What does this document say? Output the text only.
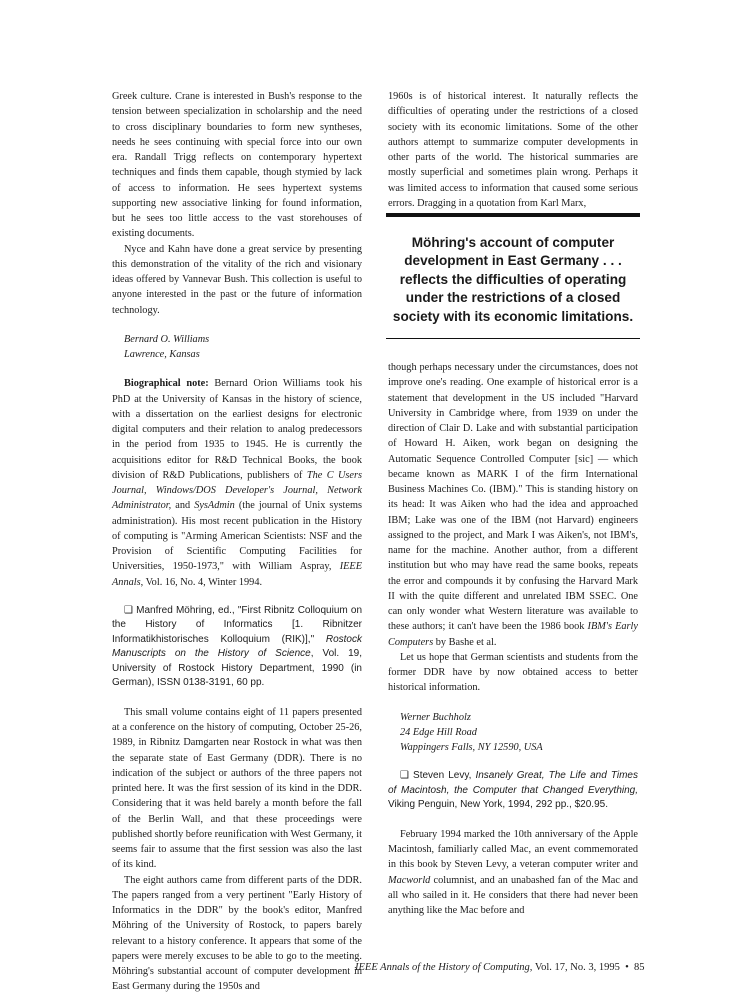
Greek culture. Crane is interested in Bush's response to the tension between specialization in scholarship and the need to cross disciplinary boundaries to form new syntheses, needs he sees continuing with special force into our own era. Randall Trigg reflects on contemporary hypertext techniques and finds them capable, though stymied by lack of access to information. He sees hypertext systems supporting new associative linking for found information, but he sees too little access to the vast storehouses of existing documents.

Nyce and Kahn have done a great service by presenting this demonstration of the vitality of the rich and visionary ideas offered by Vannevar Bush. This collection is useful to anyone interested in the past or the future of information technology.

Bernard O. Williams
Lawrence, Kansas

Biographical note: Bernard Orion Williams took his PhD at the University of Kansas in the history of science, with a dissertation on the earliest designs for electronic digital computers and their relation to analog predecessors in the period from 1935 to 1945. He is currently the acquisitions editor for R&D Technical Books, the book division of R&D Publications, publishers of The C Users Journal, Windows/DOS Developer's Journal, Network Administrator, and SysAdmin (the journal of Unix systems administration). His most recent publication in the History of computing is "Arming American Scientists: NSF and the Provision of Scientific Computing Facilities for Universities, 1950-1973," with William Aspray, IEEE Annals, Vol. 16, No. 4, Winter 1994.

❑ Manfred Möhring, ed., "First Ribnitz Colloquium on the History of Informatics [1. Ribnitzer Informatikhistorisches Kolloquium (RIK)]," Rostock Manuscripts on the History of Science, Vol. 19, University of Rostock History Department, 1990 (in German), ISSN 0138-3191, 60 pp.

This small volume contains eight of 11 papers presented at a conference on the history of computing, October 25-26, 1989, in Ribnitz Damgarten near Rostock in what was then the separate state of East Germany (DDR). There is no indication of the subject or authors of the three papers not printed here. It was the first session of its kind in the DDR. Considering that it was held barely a month before the fall of the Berlin Wall, and that these proceedings were published shortly before reunification with West Germany, it seems fair to assume that the first session was also the last of its kind.

The eight authors came from different parts of the DDR. The papers ranged from a very pertinent "Early History of Informatics in the DDR" by the book's editor, Manfred Möhring of the University of Rostock, to papers barely relevant to a history conference. It appears that some of the papers were merely excuses to be able to go to the meeting. Möhring's substantial account of computer development in East Germany during the 1950s and

1960s is of historical interest. It naturally reflects the difficulties of operating under the restrictions of a closed society with its economic limitations. Some of the other authors attempt to summarize computer developments in other parts of the world. The historical summaries are mostly superficial and sometimes plain wrong. Perhaps it was limited access to information that caused some serious errors. Dragging in a quotation from Karl Marx,

Möhring's account of computer development in East Germany . . . reflects the difficulties of operating under the restrictions of a closed society with its economic limitations.

though perhaps necessary under the circumstances, does not improve one's reading. One example of historical error is a statement that development in the US included "Harvard University in Cambridge where, from 1939 on under the direction of Clair D. Lake and with substantial participation of Howard H. Aiken, work began on designing the Automatic Sequence Controlled Computer [sic] — which became known as MARK I of the firm International Business Machines Co. (IBM)." This is standing history on its head: It was Aiken who had the idea and approached IBM; Lake was one of the IBM (not Harvard) engineers assigned to the project, and Mark I was Aiken's, not IBM's, name for the machine. Another author, from a different institution but who may have read the same books, repeats the error and compounds it by confusing the Harvard Mark II with the quite different and unrelated IBM SSEC. One can only wonder what Western literature was available to these authors; it can't have been the 1986 book IBM's Early Computers by Bashe et al.

Let us hope that German scientists and students from the former DDR have by now obtained access to better historical information.

Werner Buchholz
24 Edge Hill Road
Wappingers Falls, NY 12590, USA

❑ Steven Levy, Insanely Great, The Life and Times of Macintosh, the Computer that Changed Everything, Viking Penguin, New York, 1994, 292 pp., $20.95.

February 1994 marked the 10th anniversary of the Apple Macintosh, familiarly called Mac, an event commemorated in this book by Steven Levy, a veteran computer writer and Macworld columnist, and an unabashed fan of the Mac and all who sailed in it. He considers that there had never been anything like the Mac before and

IEEE Annals of the History of Computing, Vol. 17, No. 3, 1995 • 85
